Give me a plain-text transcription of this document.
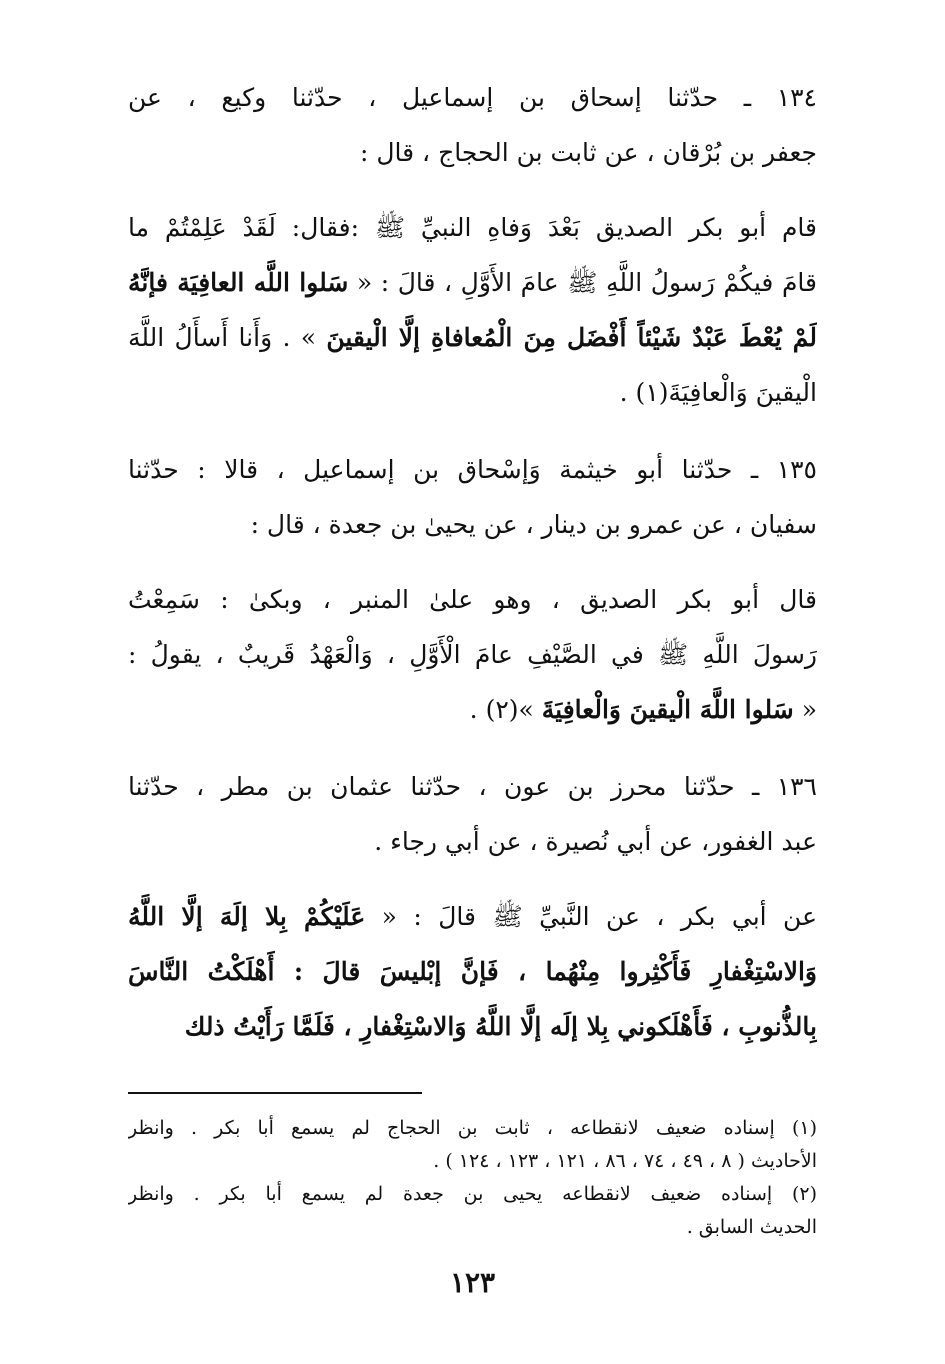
١٣٤ ـ حدّثنا إسحاق بن إسماعيل ، حدّثنا وكيع ، عن
جعفر بن بُرْقان ، عن ثابت بن الحجاج ، قال :
قام أبو بكر الصديق بَعْدَ وَفاهِ النبيِّ ﷺ :فقال: لَقَدْ عَلِمْتُمْ ما
قامَ فيكُمْ رَسولُ اللَّهِ ﷺ عامَ الأَوَّلِ ، قالَ : « سَلوا اللَّه العافِيَة فإنَّهُ
لَمْ يُعْطَ عَبْدٌ شَيْئاً أَفْضَل مِنَ الْمُعافاةِ إلَّا الْيقينَ » . وَأَنا أَسأَلُ اللَّهَ
الْيقينَ وَالْعافِيَةَ(١) .
١٣٥ ـ حدّثنا أبو خيثمة وَإسْحاق بن إسماعيل ، قالا : حدّثنا
سفيان ، عن عمرو بن دينار ، عن يحيىٰ بن جعدة ، قال :
قال أبو بكر الصديق ، وهو علىٰ المنبر ، وبكىٰ : سَمِعْتُ
رَسولَ اللَّهِ ﷺ في الصَّيْفِ عامَ الْأَوَّلِ ، وَالْعَهْدُ قَريبٌ ، يقولُ :
« سَلوا اللَّهَ الْيقينَ وَالْعافِيَةَ »(٢) .
١٣٦ ـ حدّثنا محرز بن عون ، حدّثنا عثمان بن مطر ، حدّثنا
عبد الغفور، عن أبي نُصيرة ، عن أبي رجاء .
عن أبي بكر ، عن النَّبيِّ ﷺ قالَ : « عَلَيْكُمْ بِلا إلَهَ إلَّا اللَّهُ
وَالاسْتِغْفارِ فَأَكْثِروا مِنْهُما ، فَإنَّ إبْليسَ قالَ : أَهْلَكْتُ النَّاسَ
بِالذُّنوبِ ، فَأَهْلَكوني بِلا إلَه إلَّا اللَّهُ وَالاسْتِغْفارِ ، فَلَمَّا رَأَيْتُ ذلك
(١) إسناده ضعيف لانقطاعه ، ثابت بن الحجاج لم يسمع أبا بكر . وانظر
الأحاديث ( ٨ ، ٤٩ ، ٧٤ ، ٨٦ ، ١٢١ ، ١٢٣ ، ١٢٤ ) .
(٢) إسناده ضعيف لانقطاعه يحيى بن جعدة لم يسمع أبا بكر . وانظر
الحديث السابق .
١٢٣
